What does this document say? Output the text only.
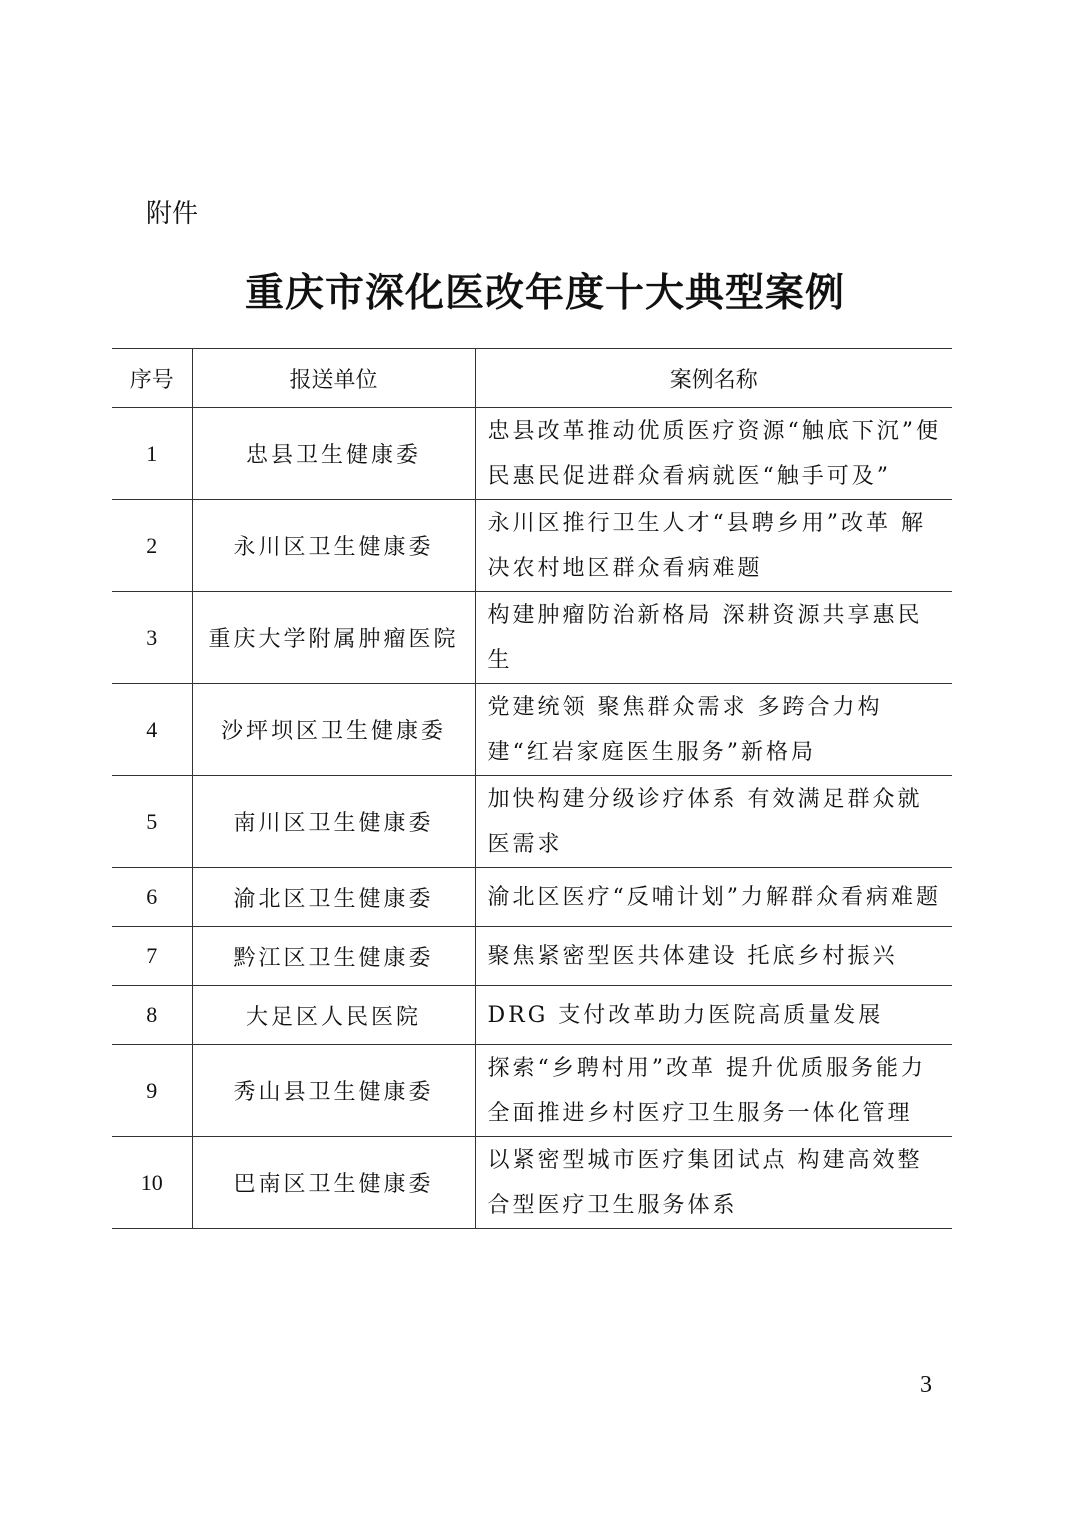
附件
重庆市深化医改年度十大典型案例
序号	报送单位	案例名称
1	忠县卫生健康委	忠县改革推动优质医疗资源“触底下沉”便民惠民促进群众看病就医“触手可及”
2	永川区卫生健康委	永川区推行卫生人才“县聘乡用”改革 解决农村地区群众看病难题
3	重庆大学附属肿瘤医院	构建肿瘤防治新格局 深耕资源共享惠民生
4	沙坪坝区卫生健康委	党建统领 聚焦群众需求 多跨合力构建“红岩家庭医生服务”新格局
5	南川区卫生健康委	加快构建分级诊疗体系 有效满足群众就医需求
6	渝北区卫生健康委	渝北区医疗“反哺计划”力解群众看病难题
7	黔江区卫生健康委	聚焦紧密型医共体建设 托底乡村振兴
8	大足区人民医院	DRG 支付改革助力医院高质量发展
9	秀山县卫生健康委	探索“乡聘村用”改革 提升优质服务能力全面推进乡村医疗卫生服务一体化管理
10	巴南区卫生健康委	以紧密型城市医疗集团试点 构建高效整合型医疗卫生服务体系
3
